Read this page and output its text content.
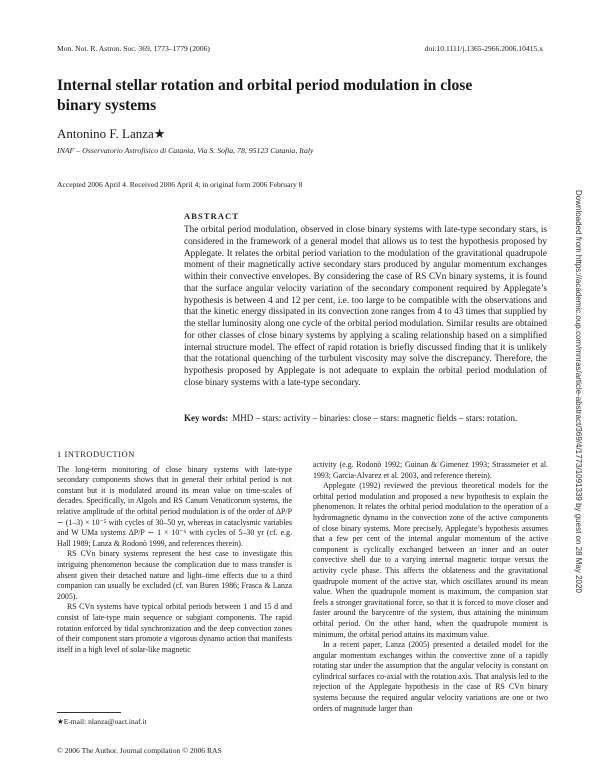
Mon. Not. R. Astron. Soc. 369, 1773–1779 (2006)	doi:10.1111/j.1365-2966.2006.10415.x
Internal stellar rotation and orbital period modulation in close binary systems
Antonino F. Lanza★
INAF – Osservatorio Astrofisico di Catania, Via S. Sofia, 78, 95123 Catania, Italy
Accepted 2006 April 4. Received 2006 April 4; in original form 2006 February 8
ABSTRACT
The orbital period modulation, observed in close binary systems with late-type secondary stars, is considered in the framework of a general model that allows us to test the hypothesis proposed by Applegate. It relates the orbital period variation to the modulation of the gravitational quadrupole moment of their magnetically active secondary stars produced by angular momentum exchanges within their convective envelopes. By considering the case of RS CVn binary systems, it is found that the surface angular velocity variation of the secondary component required by Applegate’s hypothesis is between 4 and 12 per cent, i.e. too large to be compatible with the observations and that the kinetic energy dissipated in its convection zone ranges from 4 to 43 times that supplied by the stellar luminosity along one cycle of the orbital period modulation. Similar results are obtained for other classes of close binary systems by applying a scaling relationship based on a simplified internal structure model. The effect of rapid rotation is briefly discussed finding that it is unlikely that the rotational quenching of the turbulent viscosity may solve the discrepancy. Therefore, the hypothesis proposed by Applegate is not adequate to explain the orbital period modulation of close binary systems with a late-type secondary.
Key words: MHD – stars: activity – binaries: close – stars: magnetic fields – stars: rotation.
1 INTRODUCTION

The long-term monitoring of close binary systems with late-type secondary components shows that in general their orbital period is not constant but it is modulated around its mean value on time-scales of decades. Specifically, in Algols and RS Canum Venaticorum systems, the relative amplitude of the orbital period modulation is of the order of ΔP/P ∼ (1–3) × 10⁻⁵ with cycles of 30–50 yr, whereas in cataclysmic variables and W UMa systems ΔP/P ∼ 1 × 10⁻⁶ with cycles of 5–30 yr (cf. e.g. Hall 1989; Lanza & Rodonò 1999, and references therein).

RS CVn binary systems represent the best case to investigate this intriguing phenomenon because the complication due to mass transfer is absent given their detached nature and light–time effects due to a third companion can usually be excluded (cf. van Buren 1986; Frasca & Lanza 2005).

RS CVn systems have typical orbital periods between 1 and 15 d and consist of late-type main sequence or subgiant components. The rapid rotation enforced by tidal synchronization and the deep convection zones of their component stars promote a vigorous dynamo action that manifests itself in a high level of solar-like magnetic

activity (e.g. Rodonò 1992; Guinan & Gimenez 1993; Strassmeier et al. 1993; Garcia-Alvarez et al. 2003, and reference therein).

Applegate (1992) reviewed the previous theoretical models for the orbital period modulation and proposed a new hypothesis to explain the phenomenon. It relates the orbital period modulation to the operation of a hydromagnetic dynamo in the convection zone of the active components of close binary systems. More precisely, Applegate’s hypothesis assumes that a few per cent of the internal angular momentum of the active component is cyclically exchanged between an inner and an outer convective shell due to a varying internal magnetic torque versus the activity cycle phase. This affects the oblateness and the gravitational quadrupole moment of the active star, which oscillates around its mean value. When the quadrupole moment is maximum, the companion star feels a stronger gravitational force, so that it is forced to move closer and faster around the barycentre of the system, thus attaining the minimum orbital period. On the other hand, when the quadrupole moment is minimum, the orbital period attains its maximum value.

In a recent paper, Lanza (2005) presented a detailed model for the angular momentum exchanges within the convective zone of a rapidly rotating star under the assumption that the angular velocity is constant on cylindrical surfaces co-axial with the rotation axis. That analysis led to the rejection of the Applegate hypothesis in the case of RS CVn binary systems because the required angular velocity variations are one or two orders of magnitude larger than

★E-mail: nlanza@oact.inaf.it
© 2006 The Author. Journal compilation © 2006 RAS
Downloaded from https://academic.oup.com/mnras/article-abstract/369/4/1773/1091339 by guest on 28 May 2020
